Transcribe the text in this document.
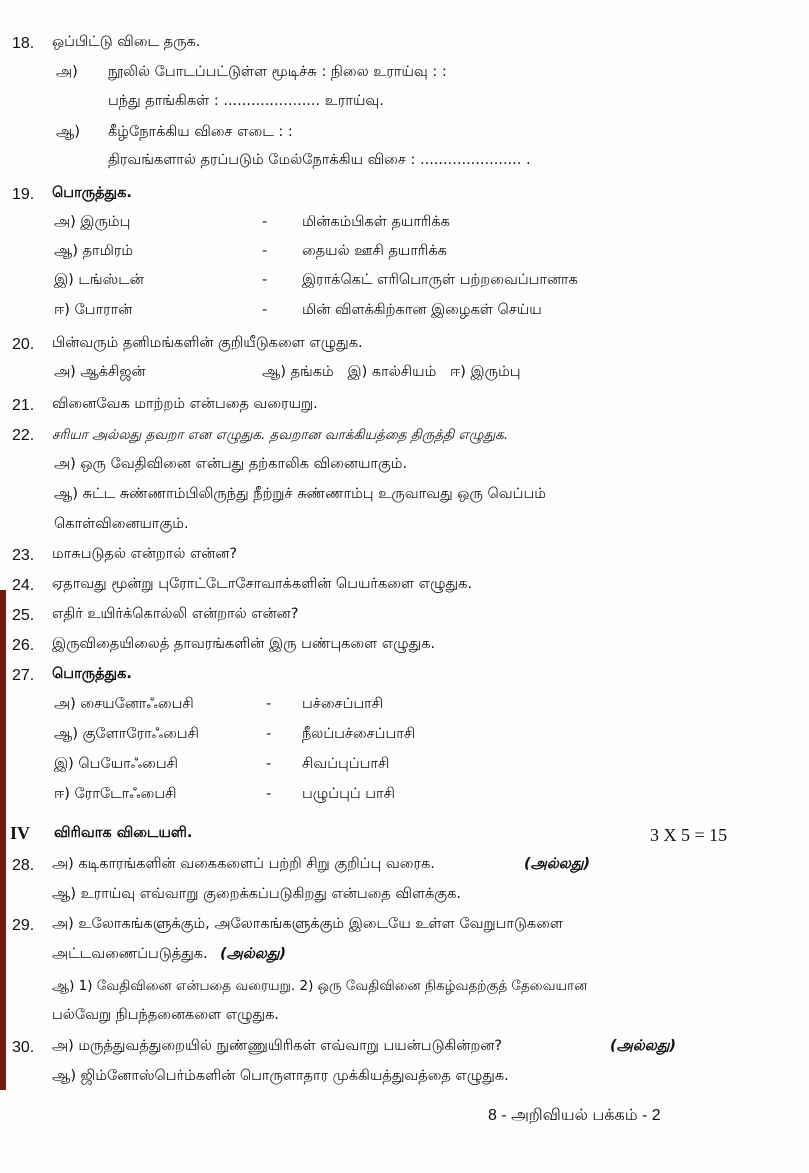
18. ஒப்பிட்டு விடை தருக.
அ) நூலில் போடப்பட்டுள்ள மூடிச்சு : நிலை உராய்வு : :
பந்து தாங்கிகள் : ..................... உராய்வு.
ஆ) கீழ்நோக்கிய விசை எடை : :
திரவங்களால் தரப்படும் மேல்நோக்கிய விசை : ...................... .
19. பொருத்துக.
அ) இரும்பு	- மின்கம்பிகள் தயாரிக்க
ஆ) தாமிரம்	- தையல் ஊசி தயாரிக்க
இ) டங்ஸ்டன்	- இராக்கெட் எரிபொருள் பற்றவைப்பானாக
ஈ) போரான்	- மின் விளக்கிற்கான இழைகள் செய்ய
20. பின்வரும் தனிமங்களின் குறியீடுகளை எழுதுக.
அ) ஆக்சிஜன்	ஆ) தங்கம்   இ) கால்சியம்   ஈ) இரும்பு
21. வினைவேக மாற்றம் என்பதை வரையறு.
22. சரியா அல்லது தவறா என எழுதுக. தவறான வாக்கியத்தை திருத்தி எழுதுக.
அ) ஒரு வேதிவினை என்பது தற்காலிக வினையாகும்.
ஆ) சுட்ட சுண்ணாம்பிலிருந்து நீற்றுச் சுண்ணாம்பு உருவாவது ஒரு வெப்பம்
கொள்வினையாகும்.
23. மாசுபடுதல் என்றால் என்ன?
24. ஏதாவது மூன்று புரோட்டோசோவாக்களின் பெயர்களை எழுதுக.
25. எதிர் உயிர்க்கொல்லி என்றால் என்ன?
26. இருவிதையிலைத் தாவரங்களின் இரு பண்புகளை எழுதுக.
27. பொருத்துக.
அ) சையனோஃபைசி	- பச்சைப்பாசி
ஆ) குளோரோஃபைசி	- நீலப்பச்சைப்பாசி
இ) பெயோஃபைசி	- சிவப்புப்பாசி
ஈ) ரோடோஃபைசி	- பழுப்புப் பாசி
IV விரிவாக விடையளி.	3 X 5 = 15
28. அ) கடிகாரங்களின் வகைகளைப் பற்றி சிறு குறிப்பு வரைக.	(அல்லது)
ஆ) உராய்வு எவ்வாறு குறைக்கப்படுகிறது என்பதை விளக்குக.
29. அ) உலோகங்களுக்கும், அலோகங்களுக்கும் இடையே உள்ள வேறுபாடுகளை
அட்டவணைப்படுத்துக. (அல்லது)
ஆ) 1) வேதிவினை என்பதை வரையறு. 2) ஒரு வேதிவினை நிகழ்வதற்குத் தேவையான
பல்வேறு நிபந்தனைகளை எழுதுக.
30. அ) மருத்துவத்துறையில் நுண்ணுயிரிகள் எவ்வாறு பயன்படுகின்றன?	(அல்லது)
ஆ) ஜிம்னோஸ்பெர்ம்களின் பொருளாதார முக்கியத்துவத்தை எழுதுக.
8 - அறிவியல் பக்கம் - 2
